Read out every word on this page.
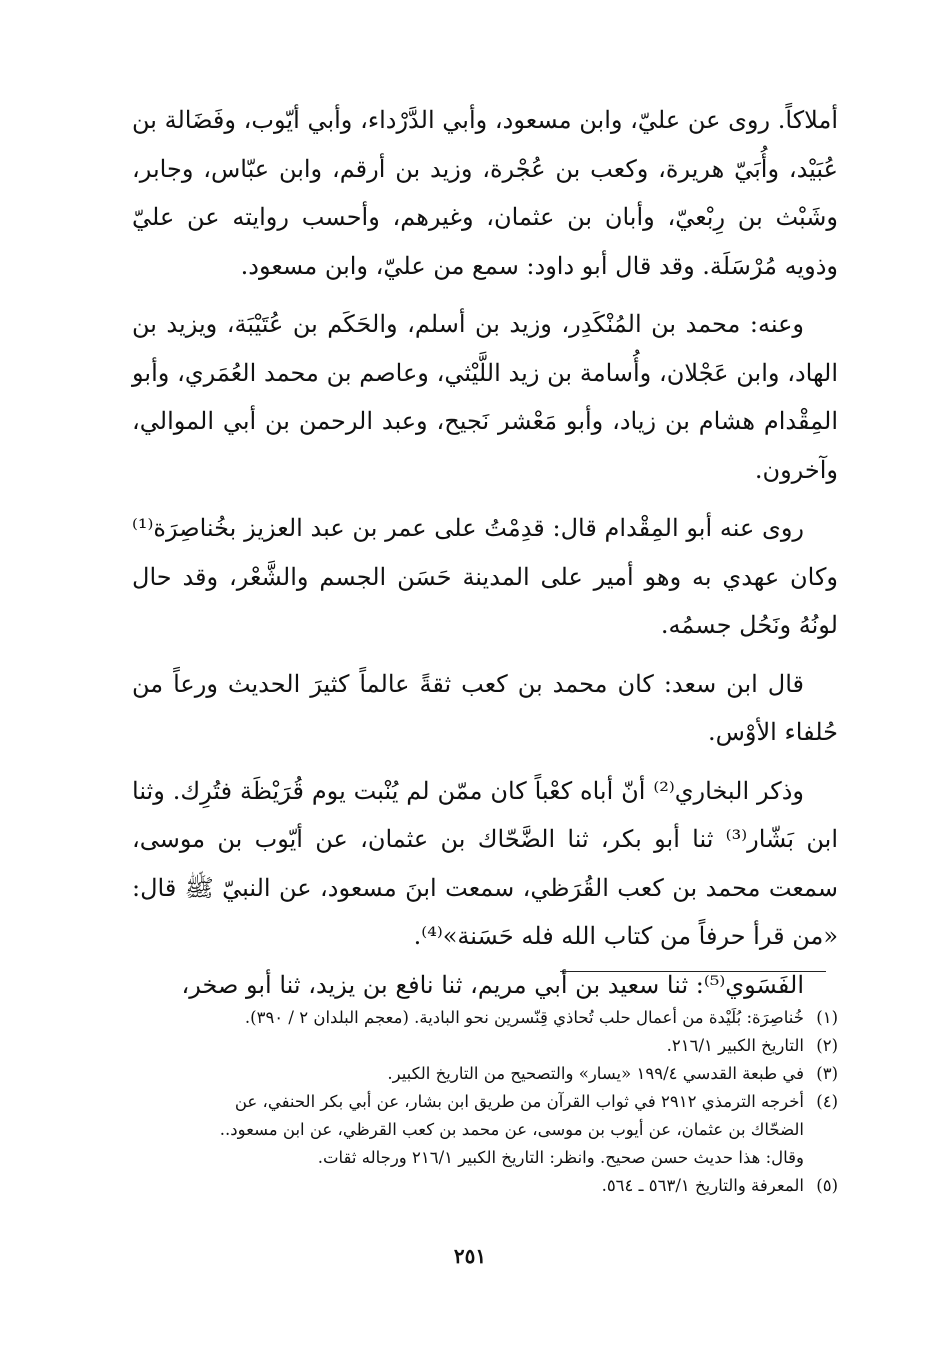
أملاكاً. روى عن عليّ، وابن مسعود، وأبي الدَّرْداء، وأبي أيّوب، وفَضَالة بن عُبَيْد، وأُبَيّ هريرة، وكعب بن عُجْرة، وزيد بن أرقم، وابن عبّاس، وجابر، وشَبْث بن رِبْعيّ، وأبان بن عثمان، وغيرهم، وأحسب روايته عن عليّ وذويه مُرْسَلَة. وقد قال أبو داود: سمع من عليّ، وابن مسعود.

وعنه: محمد بن المُنْكَدِر، وزيد بن أسلم، والحَكَم بن عُتَيْبَة، ويزيد بن الهاد، وابن عَجْلان، وأُسامة بن زيد اللَّيْثي، وعاصم بن محمد العُمَري، وأبو المِقْدام هشام بن زياد، وأبو مَعْشر نَجيح، وعبد الرحمن بن أبي الموالي، وآخرون.

روى عنه أبو المِقْدام قال: قدِمْتُ على عمر بن عبد العزيز بخُناصِرَة⁽¹⁾ وكان عهدي به وهو أمير على المدينة حَسَن الجسم والشَّعْر، وقد حال لونُهُ ونَحُل جسمُه.

قال ابن سعد: كان محمد بن كعب ثقةً عالماً كثيرَ الحديث ورعاً من حُلفاء الأوْس.

وذكر البخاري⁽²⁾ أنّ أباه كعْباً كان ممّن لم يُنْبت يوم قُرَيْظَة فتُرِك. وثنا ابن بَشّار⁽³⁾ ثنا أبو بكر، ثنا الضَّحّاك بن عثمان، عن أيّوب بن موسى، سمعت محمد بن كعب القُرَظي، سمعت ابنَ مسعود، عن النبيّ ﷺ قال: «من قرأ حرفاً من كتاب الله فله حَسَنة»⁽⁴⁾.

الفَسَوي⁽⁵⁾: ثنا سعيد بن أبي مريم، ثنا نافع بن يزيد، ثنا أبو صخر،

(١)
خُناصِرَة: بُلَيْدة من أعمال حلب تُحاذي قِنّسرين نحو البادية. (معجم البلدان ٢ / ٣٩٠).
(٢)
التاريخ الكبير ٢١٦/١.
(٣)
في طبعة القدسي ١٩٩/٤ «يسار» والتصحيح من التاريخ الكبير.
(٤)
أخرجه الترمذي ٢٩١٢ في ثواب القرآن من طريق ابن بشار، عن أبي بكر الحنفي، عن
الضحّاك بن عثمان، عن أيوب بن موسى، عن محمد بن كعب القرظي، عن ابن مسعود..
وقال: هذا حديث حسن صحيح. وانظر: التاريخ الكبير ٢١٦/١ ورجاله ثقات.
(٥)
المعرفة والتاريخ ٥٦٣/١ ـ ٥٦٤.
٢٥١
